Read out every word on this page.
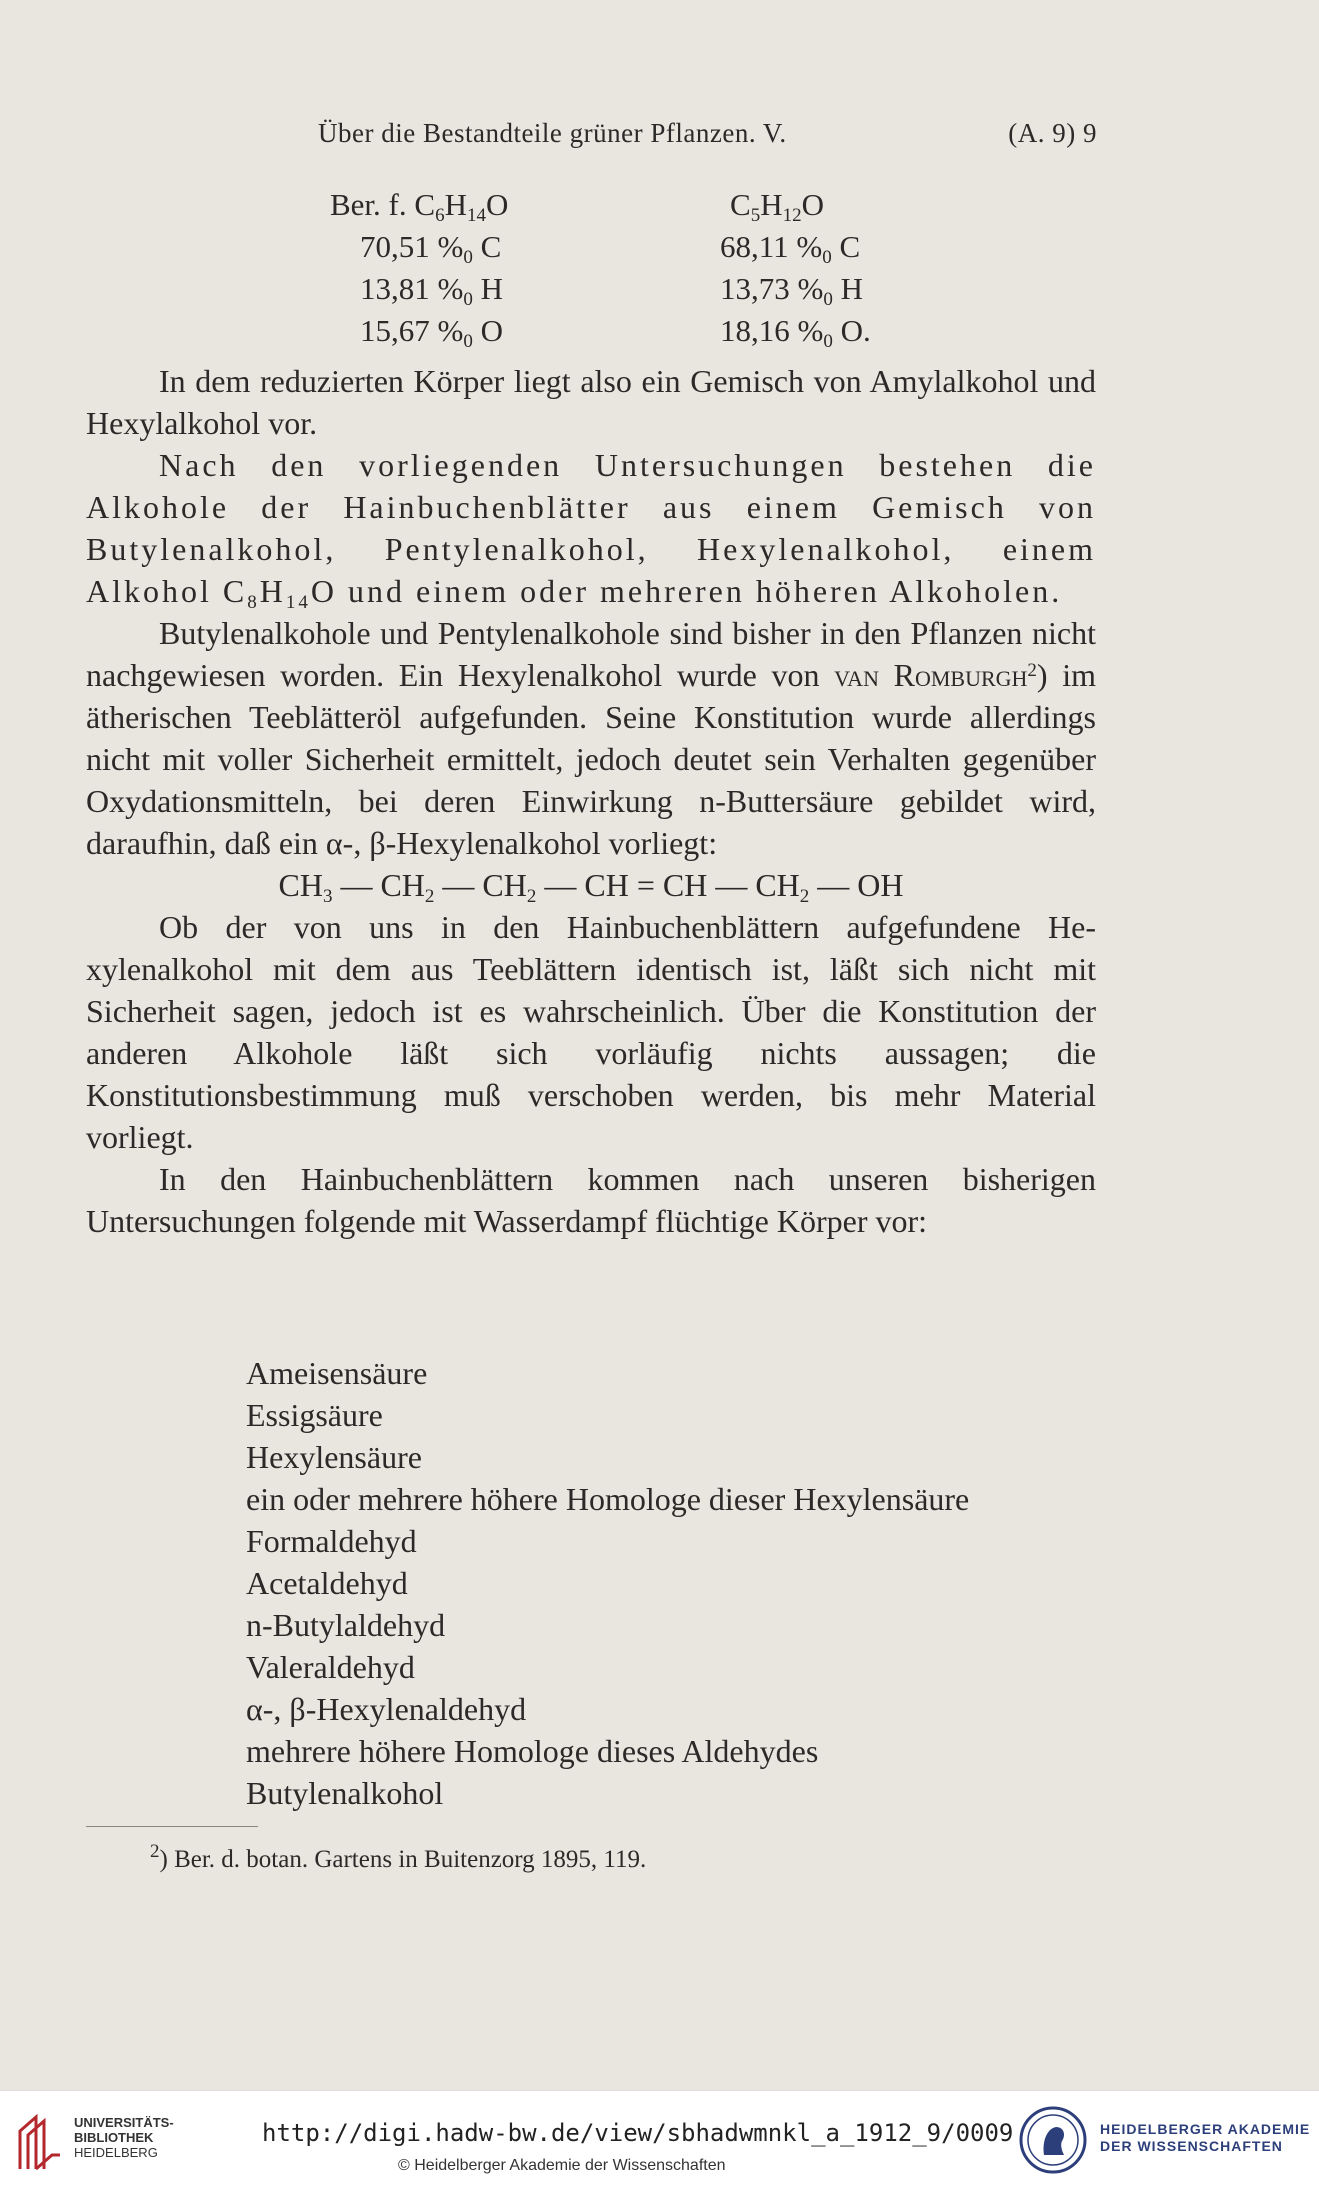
Über die Bestandteile grüner Pflanzen. V.	(A. 9) 9
Ber. f. $C_6H_{14}O$
70,51 $\%_0$ C
13,81 $\%_0$ H
15,67 $\%_0$ O
$C_5H_{12}O$
68,11 $\%_0$ C
13,73 $\%_0$ H
18,16 $\%_0$ O.

In dem reduzierten Körper liegt also ein Gemisch von Amylalkohol und Hexylalkohol vor.

Nach den vorliegenden Untersuchungen bestehen die Alkohole der Hainbuchenblätter aus einem Gemisch von Butylenalkohol, Pentylenalkohol, Hexylenalkohol, einem Alkohol $C_8H_{14}O$ und einem oder mehreren höheren Alkoholen.

Butylenalkohole und Pentylenalkohole sind bisher in den Pflanzen nicht nachgewiesen worden. Ein Hexylenalkohol wurde von van Romburgh$^2$) im ätherischen Teeblätteröl aufgefunden. Seine Konstitution wurde allerdings nicht mit voller Sicherheit ermittelt, jedoch deutet sein Verhalten gegenüber Oxydationsmitteln, bei deren Einwirkung n-Buttersäure gebildet wird, daraufhin, daß ein α-, β-Hexylenalkohol vorliegt:

$CH_3$ — $CH_2$ — $CH_2$ — CH = CH — $CH_2$ — OH

Ob der von uns in den Hainbuchenblättern aufgefundene Hexylenalkohol mit dem aus Teeblättern identisch ist, läßt sich nicht mit Sicherheit sagen, jedoch ist es wahrscheinlich. Über die Konstitution der anderen Alkohole läßt sich vorläufig nichts aussagen; die Konstitutionsbestimmung muß verschoben werden, bis mehr Material vorliegt.

In den Hainbuchenblättern kommen nach unseren bisherigen Untersuchungen folgende mit Wasserdampf flüchtige Körper vor:

Ameisensäure
Essigsäure
Hexylensäure
ein oder mehrere höhere Homologe dieser Hexylensäure
Formaldehyd
Acetaldehyd
n-Butylaldehyd
Valeraldehyd
α-, β-Hexylenaldehyd
mehrere höhere Homologe dieses Aldehydes
Butylenalkohol
$^2$) Ber. d. botan. Gartens in Buitenzorg 1895, 119.
UNIVERSITÄTS-
BIBLIOTHEK
HEIDELBERG
http://digi.hadw-bw.de/view/sbhadwmnkl_a_1912_9/0009
© Heidelberger Akademie der Wissenschaften
HEIDELBERGER AKADEMIE
DER WISSENSCHAFTEN
